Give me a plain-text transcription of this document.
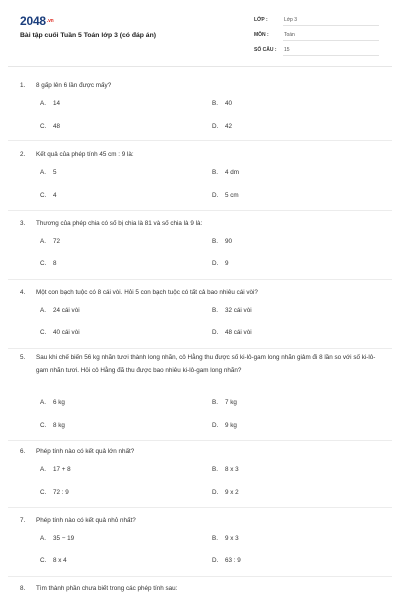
$2048^{.vn}$
Bài tập cuối Tuần 5 Toán lớp 3 (có đáp án)
LỚP :	Lớp 3
MÔN :	Toán
SỐ CÂU : 15
1. 8 gấp lên 6 lần được mấy?
A. 14	B. 40
C. 48	D. 42
2. Kết quả của phép tính 45 cm : 9 là:
A. 5	B. 4 dm
C. 4	D. 5 cm
3. Thương của phép chia có số bị chia là 81 và số chia là 9 là:
A. 72	B. 90
C. 8	D. 9
4. Một con bạch tuộc có 8 cái vòi. Hỏi 5 con bạch tuộc có tất cả bao nhiêu cái vòi?
A. 24 cái vòi	B. 32 cái vòi
C. 40 cái vòi	D. 48 cái vòi
5. Sau khi chế biến 56 kg nhãn tươi thành long nhãn, cô Hằng thu được số ki-lô-gam long nhãn giảm đi 8 lần so với số ki-lô-gam nhãn tươi. Hỏi cô Hằng đã thu được bao nhiêu ki-lô-gam long nhãn?
A. 6 kg	B. 7 kg
C. 8 kg	D. 9 kg
6. Phép tính nào có kết quả lớn nhất?
A. 17 + 8	B. 8 x 3
C. 72 : 9	D. 9 x 2
7. Phép tính nào có kết quả nhỏ nhất?
A. 35 − 19	B. 9 x 3
C. 8 x 4	D. 63 : 9
8. Tìm thành phần chưa biết trong các phép tính sau:
